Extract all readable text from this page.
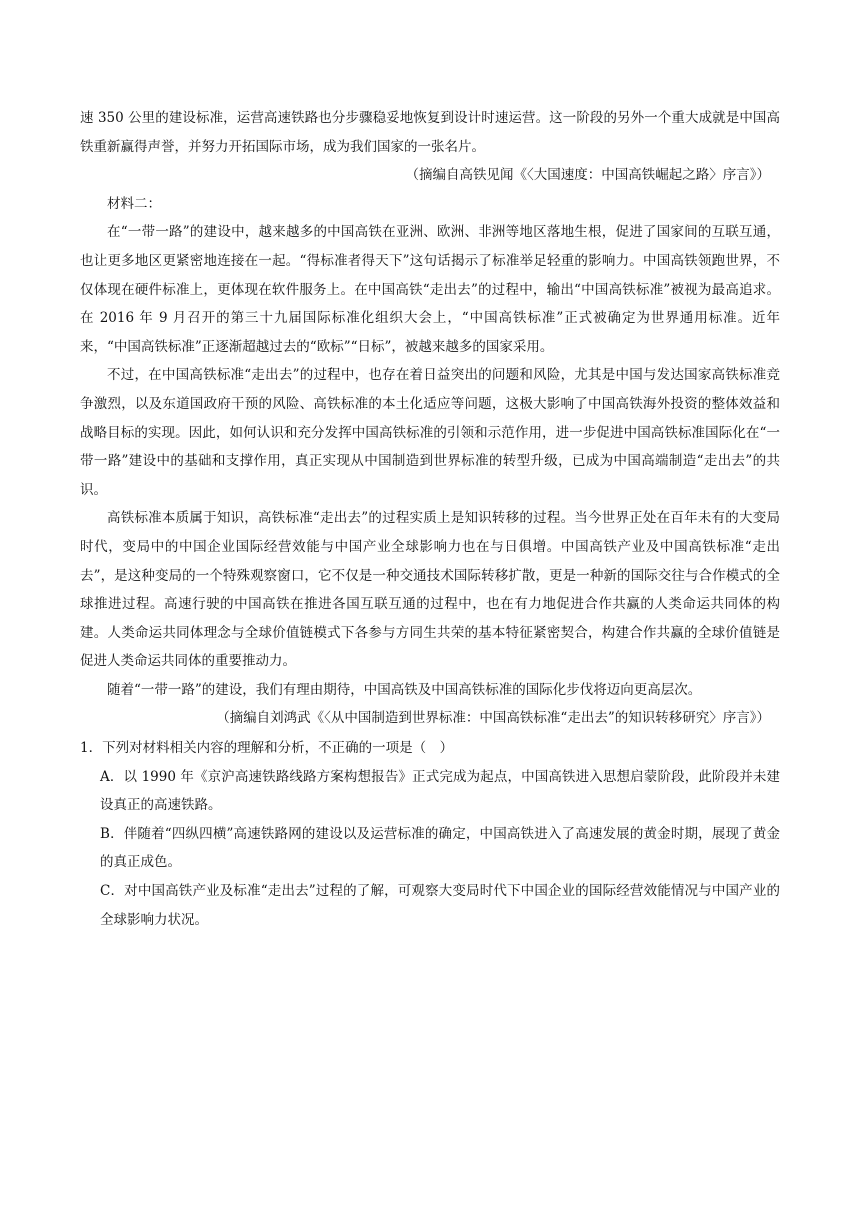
速 350 公里的建设标准，运营高速铁路也分步骤稳妥地恢复到设计时速运营。这一阶段的另外一个重大成就是中国高铁重新赢得声誉，并努力开拓国际市场，成为我们国家的一张名片。

（摘编自高铁见闻《〈大国速度：中国高铁崛起之路〉序言》）

材料二：

在“一带一路”的建设中，越来越多的中国高铁在亚洲、欧洲、非洲等地区落地生根，促进了国家间的互联互通，也让更多地区更紧密地连接在一起。“得标准者得天下”这句话揭示了标准举足轻重的影响力。中国高铁领跑世界，不仅体现在硬件标准上，更体现在软件服务上。在中国高铁“走出去”的过程中，输出“中国高铁标准”被视为最高追求。在 2016 年 9 月召开的第三十九届国际标准化组织大会上，“中国高铁标准”正式被确定为世界通用标准。近年来，“中国高铁标准”正逐渐超越过去的“欧标”“日标”，被越来越多的国家采用。

不过，在中国高铁标准“走出去”的过程中，也存在着日益突出的问题和风险，尤其是中国与发达国家高铁标准竞争激烈，以及东道国政府干预的风险、高铁标准的本土化适应等问题，这极大影响了中国高铁海外投资的整体效益和战略目标的实现。因此，如何认识和充分发挥中国高铁标准的引领和示范作用，进一步促进中国高铁标准国际化在“一带一路”建设中的基础和支撑作用，真正实现从中国制造到世界标准的转型升级，已成为中国高端制造“走出去”的共识。

高铁标准本质属于知识，高铁标准“走出去”的过程实质上是知识转移的过程。当今世界正处在百年未有的大变局时代，变局中的中国企业国际经营效能与中国产业全球影响力也在与日俱增。中国高铁产业及中国高铁标准“走出去”，是这种变局的一个特殊观察窗口，它不仅是一种交通技术国际转移扩散，更是一种新的国际交往与合作模式的全球推进过程。高速行驶的中国高铁在推进各国互联互通的过程中，也在有力地促进合作共赢的人类命运共同体的构建。人类命运共同体理念与全球价值链模式下各参与方同生共荣的基本特征紧密契合，构建合作共赢的全球价值链是促进人类命运共同体的重要推动力。

随着“一带一路”的建设，我们有理由期待，中国高铁及中国高铁标准的国际化步伐将迈向更高层次。

（摘编自刘鸿武《〈从中国制造到世界标准：中国高铁标准“走出去”的知识转移研究〉序言》）

1．下列对材料相关内容的理解和分析，不正确的一项是（　）

A．以 1990 年《京沪高速铁路线路方案构想报告》正式完成为起点，中国高铁进入思想启蒙阶段，此阶段并未建设真正的高速铁路。

B．伴随着“四纵四横”高速铁路网的建设以及运营标准的确定，中国高铁进入了高速发展的黄金时期，展现了黄金的真正成色。

C．对中国高铁产业及标准“走出去”过程的了解，可观察大变局时代下中国企业的国际经营效能情况与中国产业的全球影响力状况。
